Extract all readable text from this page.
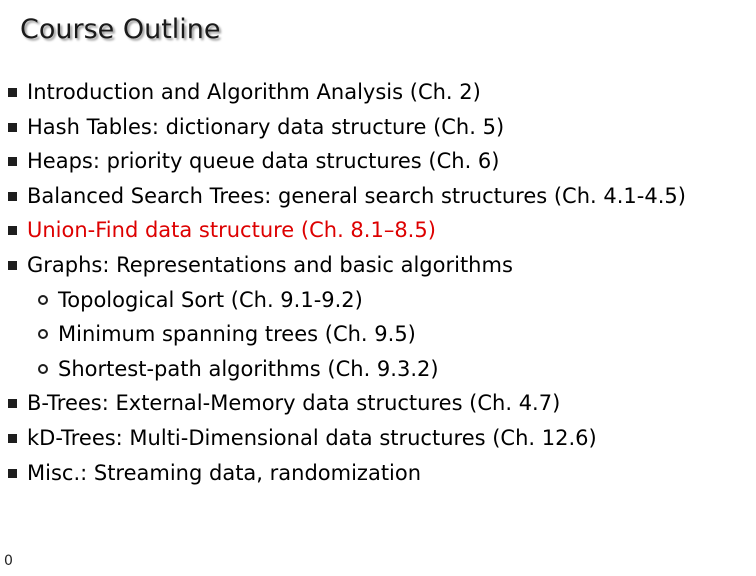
Course Outline
Introduction and Algorithm Analysis (Ch. 2)
Hash Tables: dictionary data structure (Ch. 5)
Heaps: priority queue data structures (Ch. 6)
Balanced Search Trees: general search structures (Ch. 4.1-4.5)
Union-Find data structure (Ch. 8.1–8.5)
Graphs: Representations and basic algorithms
Topological Sort (Ch. 9.1-9.2)
Minimum spanning trees (Ch. 9.5)
Shortest-path algorithms (Ch. 9.3.2)
B-Trees: External-Memory data structures (Ch. 4.7)
kD-Trees: Multi-Dimensional data structures (Ch. 12.6)
Misc.: Streaming data, randomization
0
